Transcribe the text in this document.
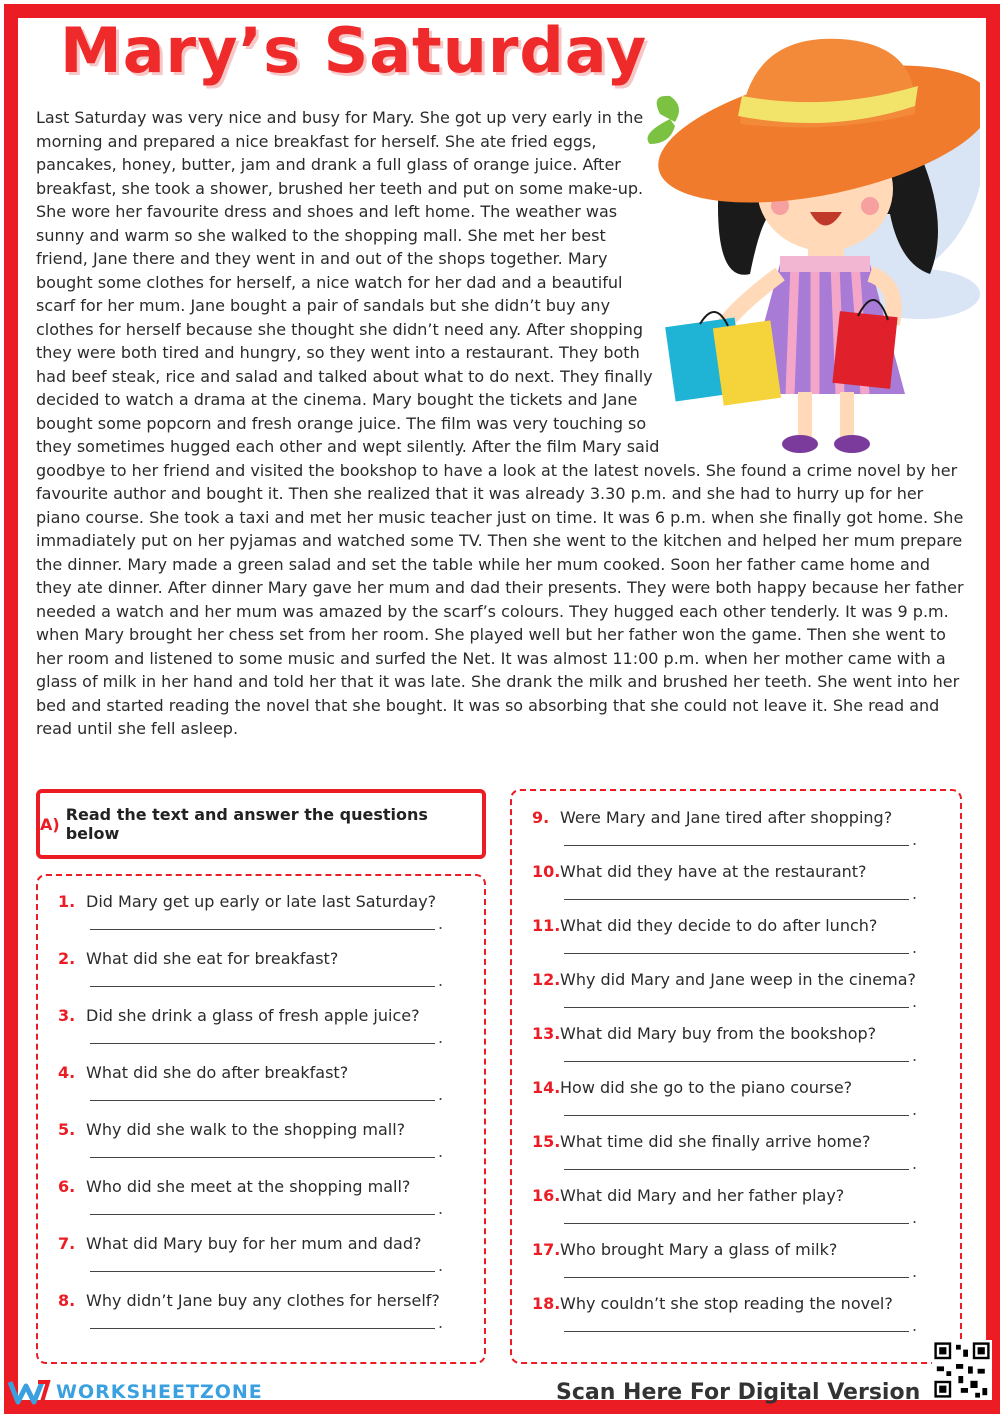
Mary’s Saturday

Last Saturday was very nice and busy for Mary. She got up very early in the morning and prepared a nice breakfast for herself. She ate fried eggs, pancakes, honey, butter, jam and drank a full glass of orange juice. After breakfast, she took a shower, brushed her teeth and put on some make-up. She wore her favourite dress and shoes and left home. The weather was sunny and warm so she walked to the shopping mall. She met her best friend, Jane there and they went in and out of the shops together. Mary bought some clothes for herself, a nice watch for her dad and a beautiful scarf for her mum. Jane bought a pair of sandals but she didn’t buy any clothes for herself because she thought she didn’t need any. After shopping they were both tired and hungry, so they went into a restaurant. They both had beef steak, rice and salad and talked about what to do next. They finally decided to watch a drama at the cinema. Mary bought the tickets and Jane bought some popcorn and fresh orange juice. The film was very touching so they sometimes hugged each other and wept silently. After the film Mary said goodbye to her friend and visited the bookshop to have a look at the latest novels. She found a crime novel by her favourite author and bought it. Then she realized that it was already 3.30 p.m. and she had to hurry up for her piano course. She took a taxi and met her music teacher just on time. It was 6 p.m. when she finally got home. She immadiately put on her pyjamas and watched some TV. Then she went to the kitchen and helped her mum prepare the dinner. Mary made a green salad and set the table while her mum cooked. Soon her father came home and they ate dinner. After dinner Mary gave her mum and dad their presents. They were both happy because her father needed a watch and her mum was amazed by the scarf’s colours. They hugged each other tenderly. It was 9 p.m. when Mary brought her chess set from her room. She played well but her father won the game. Then she went to her room and listened to some music and surfed the Net. It was almost 11:00 p.m. when her mother came with a glass of milk in her hand and told her that it was late. She drank the milk and brushed her teeth. She went into her bed and started reading the novel that she bought. It was so absorbing that she could not leave it. She read and read until she fell asleep.

A) Read the text and answer the questions below
1. Did Mary get up early or late last Saturday?
.
2. What did she eat for breakfast?
.
3. Did she drink a glass of fresh apple juice?
.
4. What did she do after breakfast?
.
5. Why did she walk to the shopping mall?
.
6. Who did she meet at the shopping mall?
.
7. What did Mary buy for her mum and dad?
.
8. Why didn’t Jane buy any clothes for herself?
.
9. Were Mary and Jane tired after shopping?
.
10.What did they have at the restaurant?
.
11.What did they decide to do after lunch?
.
12.Why did Mary and Jane weep in the cinema?
.
13.What did Mary buy from the bookshop?
.
14.How did she go to the piano course?
.
15.What time did she finally arrive home?
.
16.What did Mary and her father play?
.
17.Who brought Mary a glass of milk?
.
18.Why couldn’t she stop reading the novel?
.
WORKSHEETZONE	Scan Here For Digital Version
